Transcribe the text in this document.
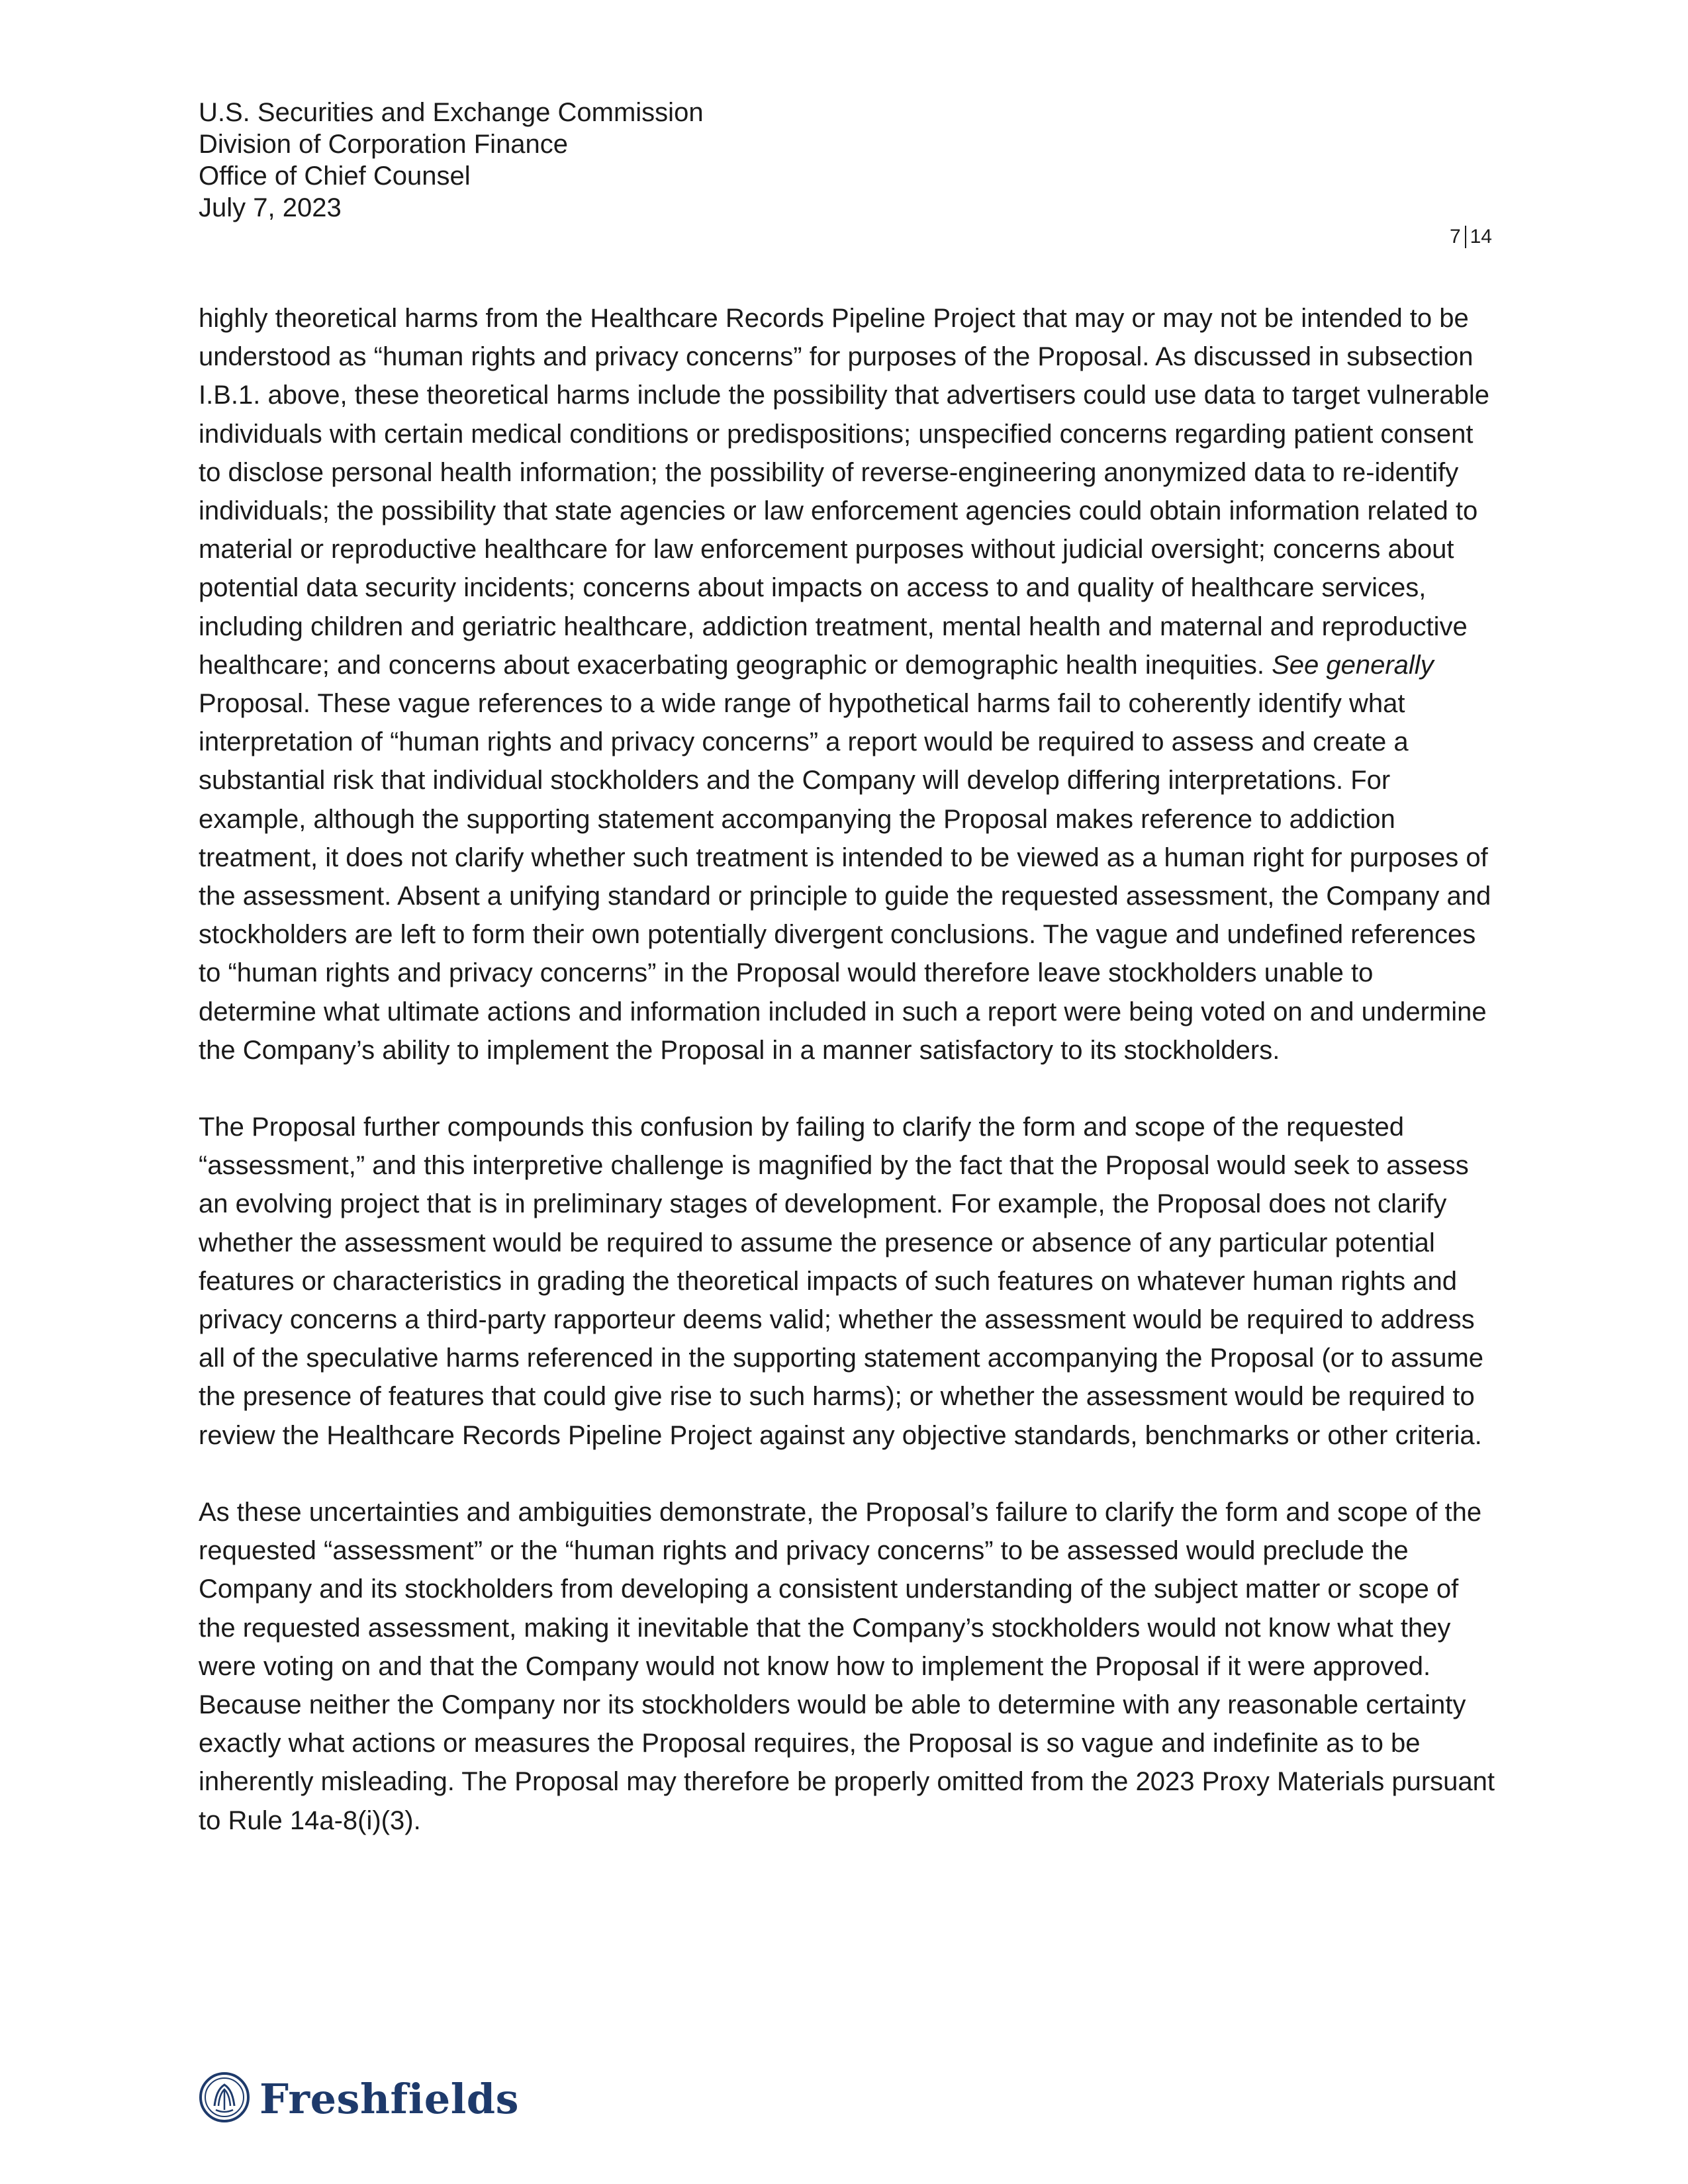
U.S. Securities and Exchange Commission
Division of Corporation Finance
Office of Chief Counsel
July 7, 2023
7 14

highly theoretical harms from the Healthcare Records Pipeline Project that may or may not be intended to be understood as “human rights and privacy concerns” for purposes of the Proposal. As discussed in subsection I.B.1. above, these theoretical harms include the possibility that advertisers could use data to target vulnerable individuals with certain medical conditions or predispositions; unspecified concerns regarding patient consent to disclose personal health information; the possibility of reverse-engineering anonymized data to re-identify individuals; the possibility that state agencies or law enforcement agencies could obtain information related to material or reproductive healthcare for law enforcement purposes without judicial oversight; concerns about potential data security incidents; concerns about impacts on access to and quality of healthcare services, including children and geriatric healthcare, addiction treatment, mental health and maternal and reproductive healthcare; and concerns about exacerbating geographic or demographic health inequities. See generally Proposal. These vague references to a wide range of hypothetical harms fail to coherently identify what interpretation of “human rights and privacy concerns” a report would be required to assess and create a substantial risk that individual stockholders and the Company will develop differing interpretations. For example, although the supporting statement accompanying the Proposal makes reference to addiction treatment, it does not clarify whether such treatment is intended to be viewed as a human right for purposes of the assessment. Absent a unifying standard or principle to guide the requested assessment, the Company and stockholders are left to form their own potentially divergent conclusions. The vague and undefined references to “human rights and privacy concerns” in the Proposal would therefore leave stockholders unable to determine what ultimate actions and information included in such a report were being voted on and undermine the Company’s ability to implement the Proposal in a manner satisfactory to its stockholders.

The Proposal further compounds this confusion by failing to clarify the form and scope of the requested “assessment,” and this interpretive challenge is magnified by the fact that the Proposal would seek to assess an evolving project that is in preliminary stages of development. For example, the Proposal does not clarify whether the assessment would be required to assume the presence or absence of any particular potential features or characteristics in grading the theoretical impacts of such features on whatever human rights and privacy concerns a third-party rapporteur deems valid; whether the assessment would be required to address all of the speculative harms referenced in the supporting statement accompanying the Proposal (or to assume the presence of features that could give rise to such harms); or whether the assessment would be required to review the Healthcare Records Pipeline Project against any objective standards, benchmarks or other criteria.

As these uncertainties and ambiguities demonstrate, the Proposal’s failure to clarify the form and scope of the requested “assessment” or the “human rights and privacy concerns” to be assessed would preclude the Company and its stockholders from developing a consistent understanding of the subject matter or scope of the requested assessment, making it inevitable that the Company’s stockholders would not know what they were voting on and that the Company would not know how to implement the Proposal if it were approved. Because neither the Company nor its stockholders would be able to determine with any reasonable certainty exactly what actions or measures the Proposal requires, the Proposal is so vague and indefinite as to be inherently misleading. The Proposal may therefore be properly omitted from the 2023 Proxy Materials pursuant to Rule 14a-8(i)(3).

Freshfields
